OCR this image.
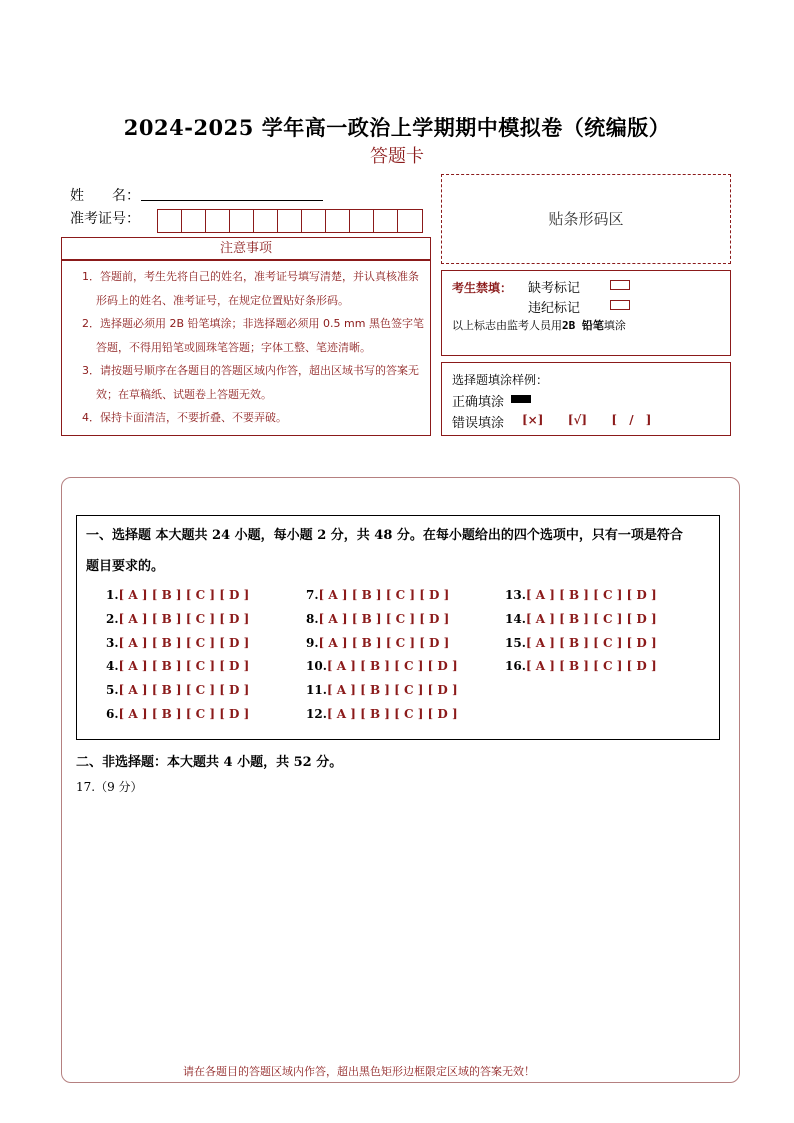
2024-2025 学年高一政治上学期期中模拟卷（统编版）
答题卡
姓　　名：
准考证号：	贴条形码区
注意事项
1．答题前，考生先将自己的姓名，准考证号填写清楚，并认真核准条形码上的姓名、准考证号，在规定位置贴好条形码。
2．选择题必须用 2B 铅笔填涂；非选择题必须用 0.5 mm 黑色签字笔答题，不得用铅笔或圆珠笔答题；字体工整、笔迹清晰。
3．请按题号顺序在各题目的答题区域内作答，超出区域书写的答案无效；在草稿纸、试题卷上答题无效。
4．保持卡面清洁，不要折叠、不要弄破。
考生禁填： 缺考标记
违纪标记
以上标志由监考人员用2B 铅笔填涂
选择题填涂样例：
正确填涂
错误填涂 [×] [√] [ / ]
一、选择题 本大题共 24 小题，每小题 2 分，共 48 分。在每小题给出的四个选项中，只有一项是符合
题目要求的。
1.[ A ] [ B ] [ C ] [ D ]
2.[ A ] [ B ] [ C ] [ D ]
3.[ A ] [ B ] [ C ] [ D ]
4.[ A ] [ B ] [ C ] [ D ]
5.[ A ] [ B ] [ C ] [ D ]
6.[ A ] [ B ] [ C ] [ D ]
7.[ A ] [ B ] [ C ] [ D ]
8.[ A ] [ B ] [ C ] [ D ]
9.[ A ] [ B ] [ C ] [ D ]
10.[ A ] [ B ] [ C ] [ D ]
11.[ A ] [ B ] [ C ] [ D ]
12.[ A ] [ B ] [ C ] [ D ]
13.[ A ] [ B ] [ C ] [ D ]
14.[ A ] [ B ] [ C ] [ D ]
15.[ A ] [ B ] [ C ] [ D ]
16.[ A ] [ B ] [ C ] [ D ]
二、非选择题：本大题共 4 小题，共 52 分。
17.（9 分）
请在各题目的答题区域内作答，超出黑色矩形边框限定区域的答案无效！
